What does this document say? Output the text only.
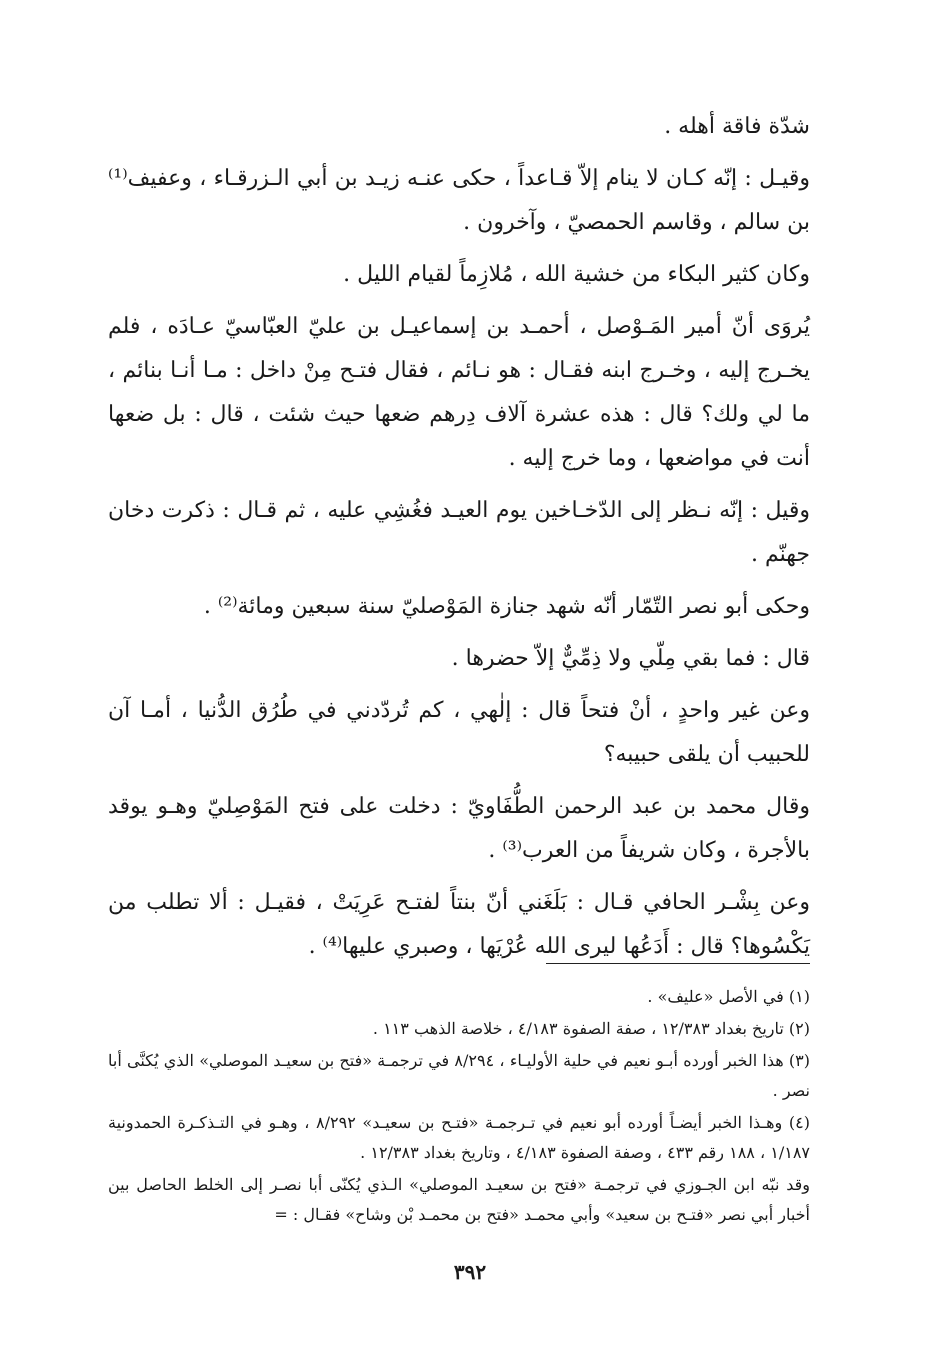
شدّة فاقة أهله .

وقيـل : إنّه كـان لا ينام إلاّ قـاعداً ، حكى عنـه زيـد بن أبي الـزرقـاء ، وعفيف⁽¹⁾ بن سالم ، وقاسم الحمصيّ ، وآخرون .

وكان كثير البكاء من خشية الله ، مُلازِماً لقيام الليل .

يُروَى أنّ أمير المَـوْصل ، أحمـد بن إسماعيـل بن عليّ العبّاسيّ عـادَه ، فلم يخـرج إليه ، وخـرج ابنه فقـال : هو نـائم ، فقال فتـح مِنْ داخل : مـا أنـا بنائم ، ما لي ولك؟ قال : هذه عشرة آلاف دِرهم ضعها حيث شئت ، قال : بل ضعها أنت في مواضعها ، وما خرج إليه .

وقيل : إنّه نـظر إلى الدّخـاخين يوم العيـد فغُشِي عليه ، ثم قـال : ذكرت دخان جهنّم .

وحكى أبو نصر التّمّار أنّه شهد جنازة المَوْصليّ سنة سبعين ومائة⁽²⁾ .

قال : فما بقي مِلّي ولا ذِمِّيٌّ إلاّ حضرها .

وعن غير واحدٍ ، أنْ فتحاً قال : إلٰهي ، كم تُردّدني في طُرُق الدُّنيا ، أمـا آن للحبيب أن يلقى حبيبه؟

وقال محمد بن عبد الرحمن الطُّفَاويّ : دخلت على فتح المَوْصِليّ وهـو يوقد بالأجرة ، وكان شريفاً من العرب⁽³⁾ .

وعن بِشْـر الحافي قـال : بَلَغَني أنّ بنتاً لفتـح عَرِيَتْ ، فقيـل : ألا تطلب من يَكْسُوها؟ قال : أَدَعُها ليرى الله عُرْيَها ، وصبري عليها⁽⁴⁾ .

(١) في الأصل «عليف» .

(٢) تاريخ بغداد ١٢/٣٨٣ ، صفة الصفوة ٤/١٨٣ ، خلاصة الذهب ١١٣ .

(٣) هذا الخبر أورده أبـو نعيم في حلية الأوليـاء ، ٨/٢٩٤ في ترجمـة «فتح بن سعيـد الموصلي» الذي يُكنَّى أبا نصر .

(٤) وهـذا الخبر أيضـاً أورده أبو نعيم في تـرجمـة «فتـح بن سعيـد» ٨/٢٩٢ ، وهـو في التـذكـرة الحمدونية ١/١٨٧ ، ١٨٨ رقم ٤٣٣ ، وصفة الصفوة ٤/١٨٣ ، وتاريخ بغداد ١٢/٣٨٣ .

وقد نبّه ابن الجـوزي في ترجمـة «فتح بن سعيـد الموصلي» الـذي يُكنّى أبا نصـر إلى الخلط الحاصل بين أخبار أبي نصر «فتـح بن سعيد» وأبي محمـد «فتح بن محمـد بْن وشاح» فقـال : =

٣٩٢
